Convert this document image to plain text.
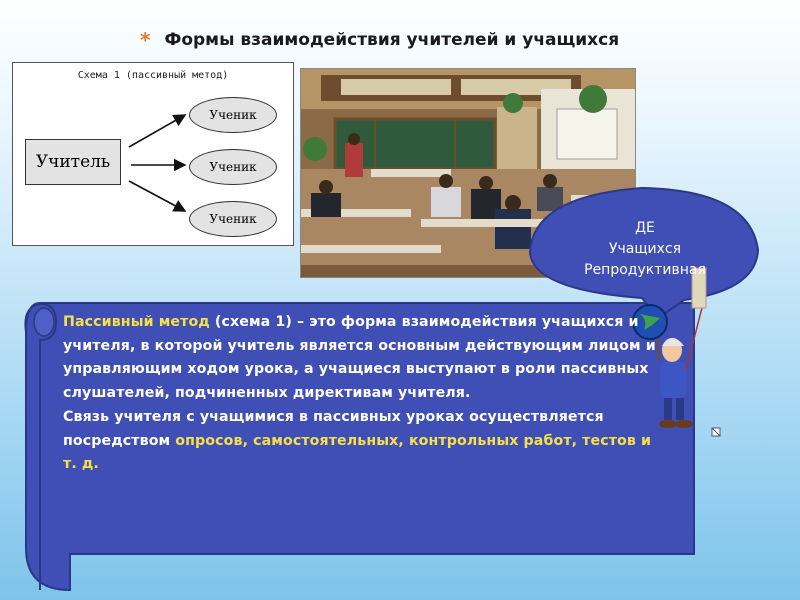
* Формы взаимодействия учителей и учащихся
Схема 1 (пассивный метод)
Учитель
Ученик
Ученик
Ученик
ДЕ
Учащихся
Репродуктивная
Пассивный метод (схема 1) – это форма взаимодействия учащихся и учителя, в которой учитель является основным действующим лицом и управляющим ходом урока, а учащиеся выступают в роли пассивных слушателей, подчиненных директивам учителя.
Связь учителя с учащимися в пассивных уроках осуществляется посредством опросов, самостоятельных, контрольных работ, тестов и т. д.
